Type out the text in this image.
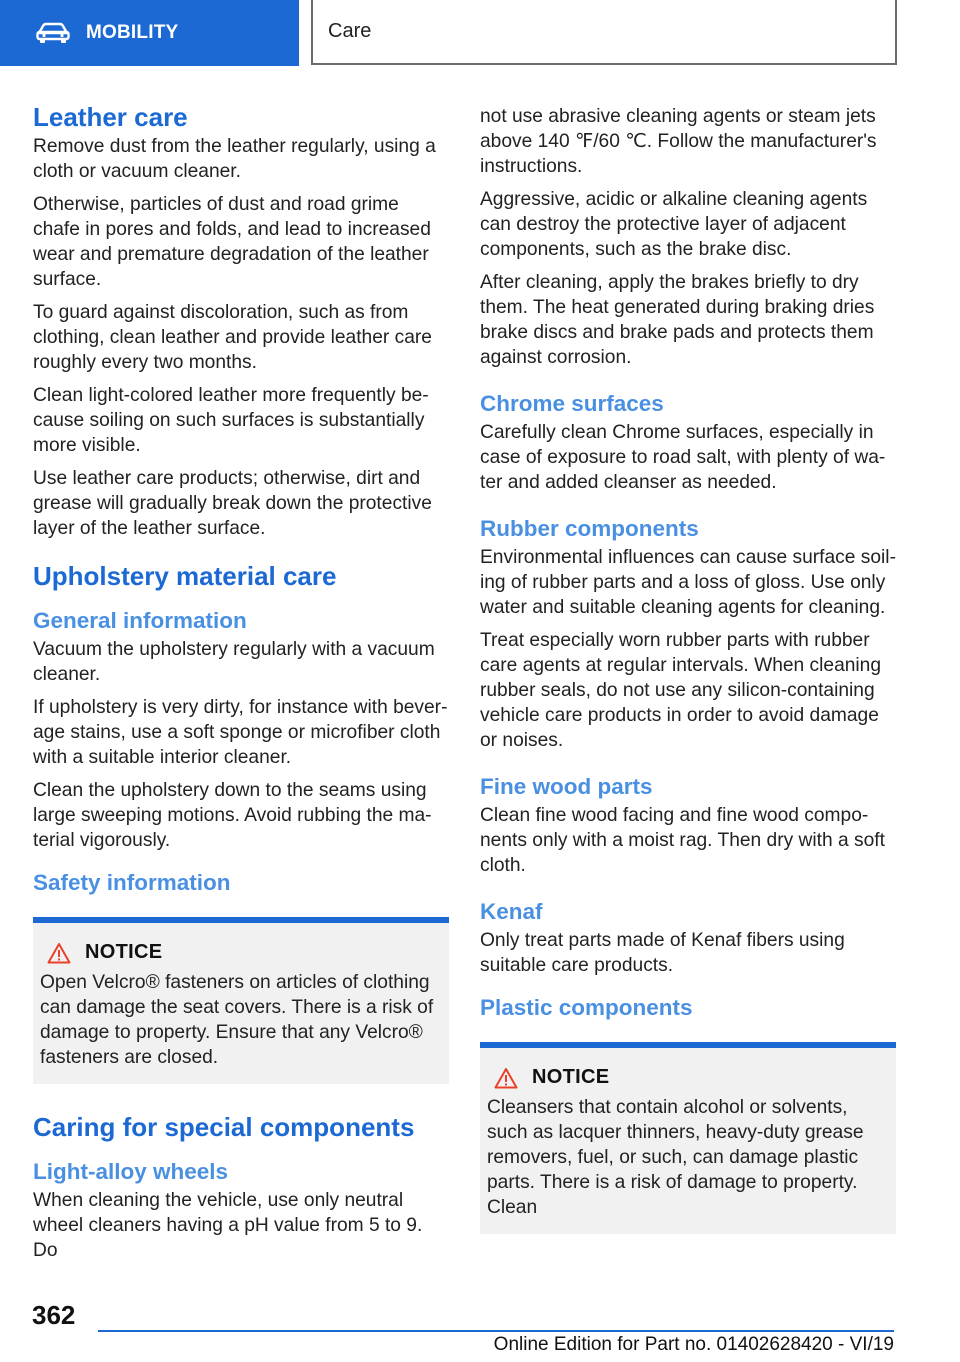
MOBILITY	Care
Leather care

Remove dust from the leather regularly, using a cloth or vacuum cleaner.

Otherwise, particles of dust and road grime chafe in pores and folds, and lead to increased wear and premature degradation of the leather surface.

To guard against discoloration, such as from clothing, clean leather and provide leather care roughly every two months.

Clean light-colored leather more frequently because soiling on such surfaces is substantially more visible.

Use leather care products; otherwise, dirt and grease will gradually break down the protective layer of the leather surface.

Upholstery material care
General information

Vacuum the upholstery regularly with a vacuum cleaner.

If upholstery is very dirty, for instance with beverage stains, use a soft sponge or microfiber cloth with a suitable interior cleaner.

Clean the upholstery down to the seams using large sweeping motions. Avoid rubbing the material vigorously.

Safety information
NOTICE

Open Velcro® fasteners on articles of clothing can damage the seat covers. There is a risk of damage to property. Ensure that any Velcro® fasteners are closed.

Caring for special components
Light-alloy wheels

When cleaning the vehicle, use only neutral wheel cleaners having a pH value from 5 to 9. Do

not use abrasive cleaning agents or steam jets above 140 ℉/60 ℃. Follow the manufacturer's instructions.

Aggressive, acidic or alkaline cleaning agents can destroy the protective layer of adjacent components, such as the brake disc.

After cleaning, apply the brakes briefly to dry them. The heat generated during braking dries brake discs and brake pads and protects them against corrosion.

Chrome surfaces

Carefully clean Chrome surfaces, especially in case of exposure to road salt, with plenty of water and added cleanser as needed.

Rubber components

Environmental influences can cause surface soiling of rubber parts and a loss of gloss. Use only water and suitable cleaning agents for cleaning.

Treat especially worn rubber parts with rubber care agents at regular intervals. When cleaning rubber seals, do not use any silicon-containing vehicle care products in order to avoid damage or noises.

Fine wood parts

Clean fine wood facing and fine wood components only with a moist rag. Then dry with a soft cloth.

Kenaf

Only treat parts made of Kenaf fibers using suitable care products.

Plastic components
NOTICE

Cleansers that contain alcohol or solvents, such as lacquer thinners, heavy-duty grease removers, fuel, or such, can damage plastic parts. There is a risk of damage to property. Clean

362
Online Edition for Part no. 01402628420 - VI/19
